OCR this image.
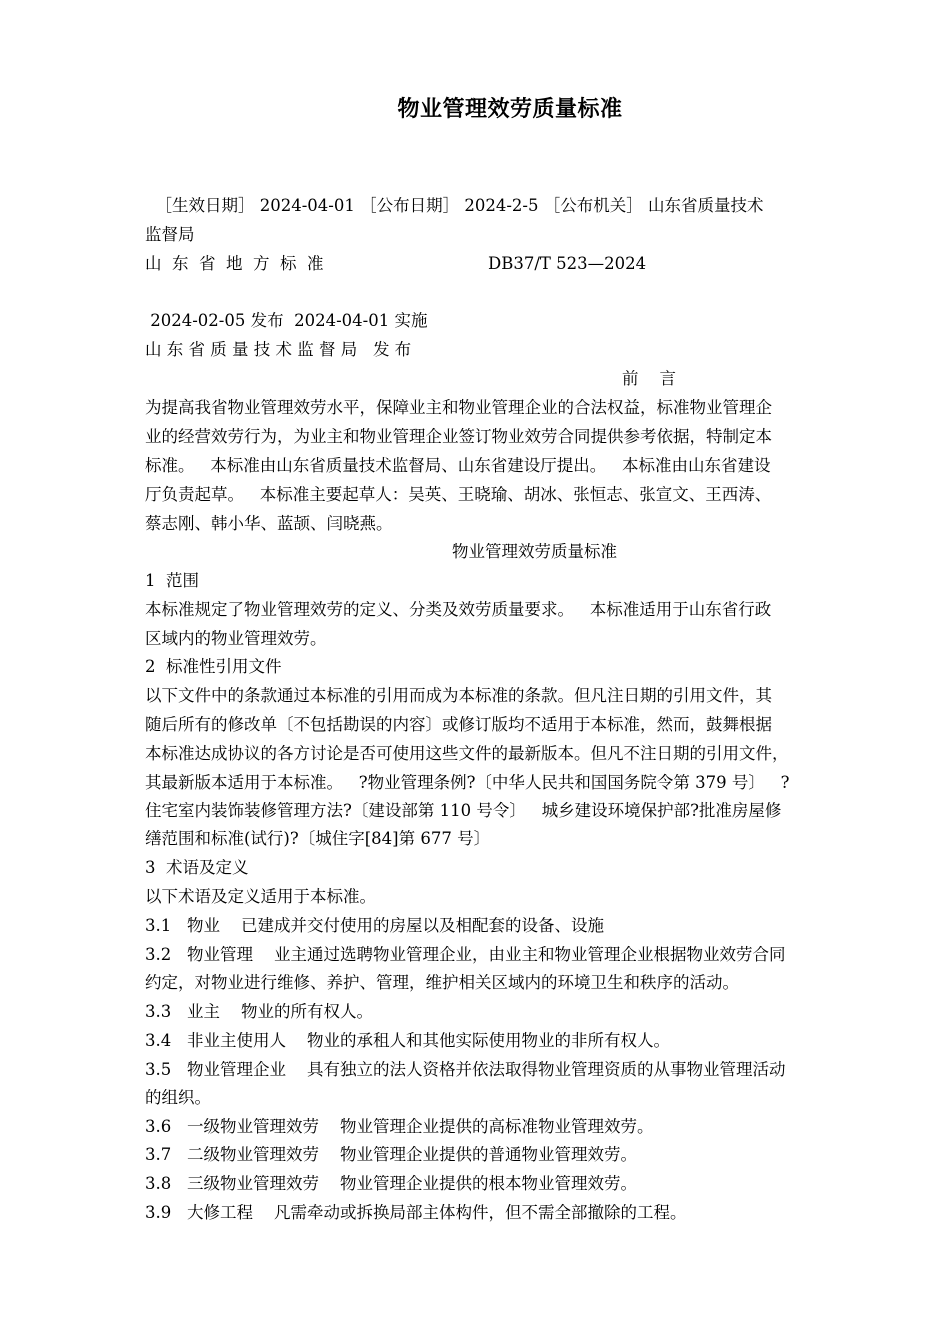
物业管理效劳质量标准
［生效日期］ 2024-04-01 ［公布日期］ 2024-2-5 ［公布机关］ 山东省质量技术
监督局
山  东  省  地  方  标  准	DB37/T 523—2024
2024-02-05 发布  2024-04-01 实施
山 东 省 质 量 技 术 监 督 局   发 布
前    言
为提高我省物业管理效劳水平，保障业主和物业管理企业的合法权益，标准物业管理企
业的经营效劳行为，为业主和物业管理企业签订物业效劳合同提供参考依据，特制定本
标准。   本标准由山东省质量技术监督局、山东省建设厅提出。   本标准由山东省建设
厅负责起草。   本标准主要起草人：吴英、王晓瑜、胡冰、张恒志、张宣文、王西涛、
蔡志刚、韩小华、蓝颉、闫晓燕。
物业管理效劳质量标准
1  范围
本标准规定了物业管理效劳的定义、分类及效劳质量要求。   本标准适用于山东省行政
区域内的物业管理效劳。
2  标准性引用文件
以下文件中的条款通过本标准的引用而成为本标准的条款。但凡注日期的引用文件，其
随后所有的修改单〔不包括勘误的内容〕或修订版均不适用于本标准，然而，鼓舞根据
本标准达成协议的各方讨论是否可使用这些文件的最新版本。但凡不注日期的引用文件，
其最新版本适用于本标准。   ?物业管理条例?〔中华人民共和国国务院令第 379 号〕   ?
住宅室内装饰装修管理方法?〔建设部第 110 号令〕   城乡建设环境保护部?批准房屋修
缮范围和标准(试行)?〔城住字[84]第 677 号〕
3  术语及定义
以下术语及定义适用于本标准。
3.1   物业    已建成并交付使用的房屋以及相配套的设备、设施
3.2   物业管理    业主通过选聘物业管理企业，由业主和物业管理企业根据物业效劳合同
约定，对物业进行维修、养护、管理，维护相关区域内的环境卫生和秩序的活动。
3.3   业主    物业的所有权人。
3.4   非业主使用人    物业的承租人和其他实际使用物业的非所有权人。
3.5   物业管理企业    具有独立的法人资格并依法取得物业管理资质的从事物业管理活动
的组织。
3.6   一级物业管理效劳    物业管理企业提供的高标准物业管理效劳。
3.7   二级物业管理效劳    物业管理企业提供的普通物业管理效劳。
3.8   三级物业管理效劳    物业管理企业提供的根本物业管理效劳。
3.9   大修工程    凡需牵动或拆换局部主体构件，但不需全部撤除的工程。
